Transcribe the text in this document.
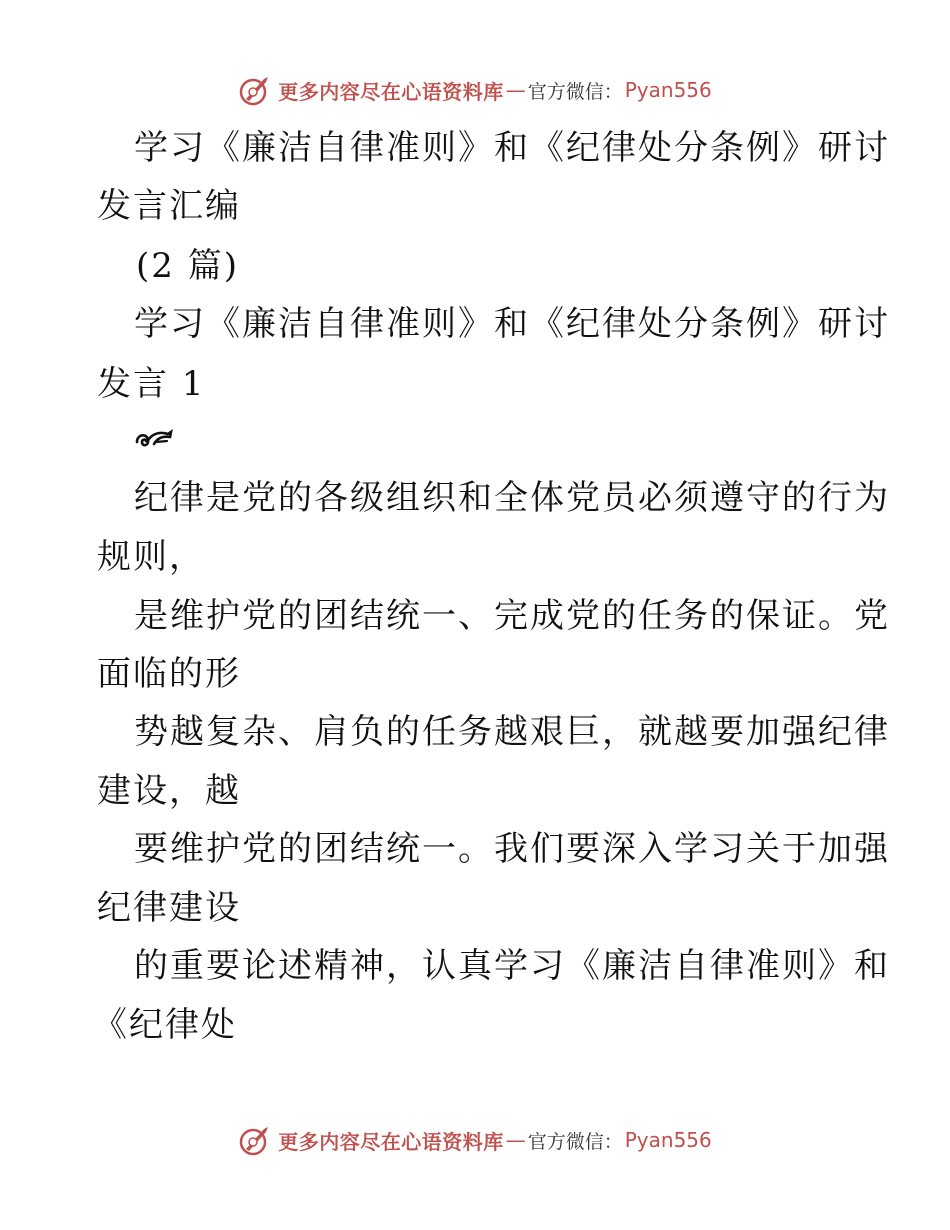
更多内容尽在心语资料库 — 官方微信： Pyan556
学习《廉洁自律准则》和《纪律处分条例》研讨
发言汇编
(2 篇)
学习《廉洁自律准则》和《纪律处分条例》研讨
发言 1
纪律是党的各级组织和全体党员必须遵守的行为
规则，
是维护党的团结统一、完成党的任务的保证。党
面临的形
势越复杂、肩负的任务越艰巨，就越要加强纪律
建设，越
要维护党的团结统一。我们要深入学习关于加强
纪律建设
的重要论述精神，认真学习《廉洁自律准则》和
《纪律处
更多内容尽在心语资料库 — 官方微信： Pyan556
